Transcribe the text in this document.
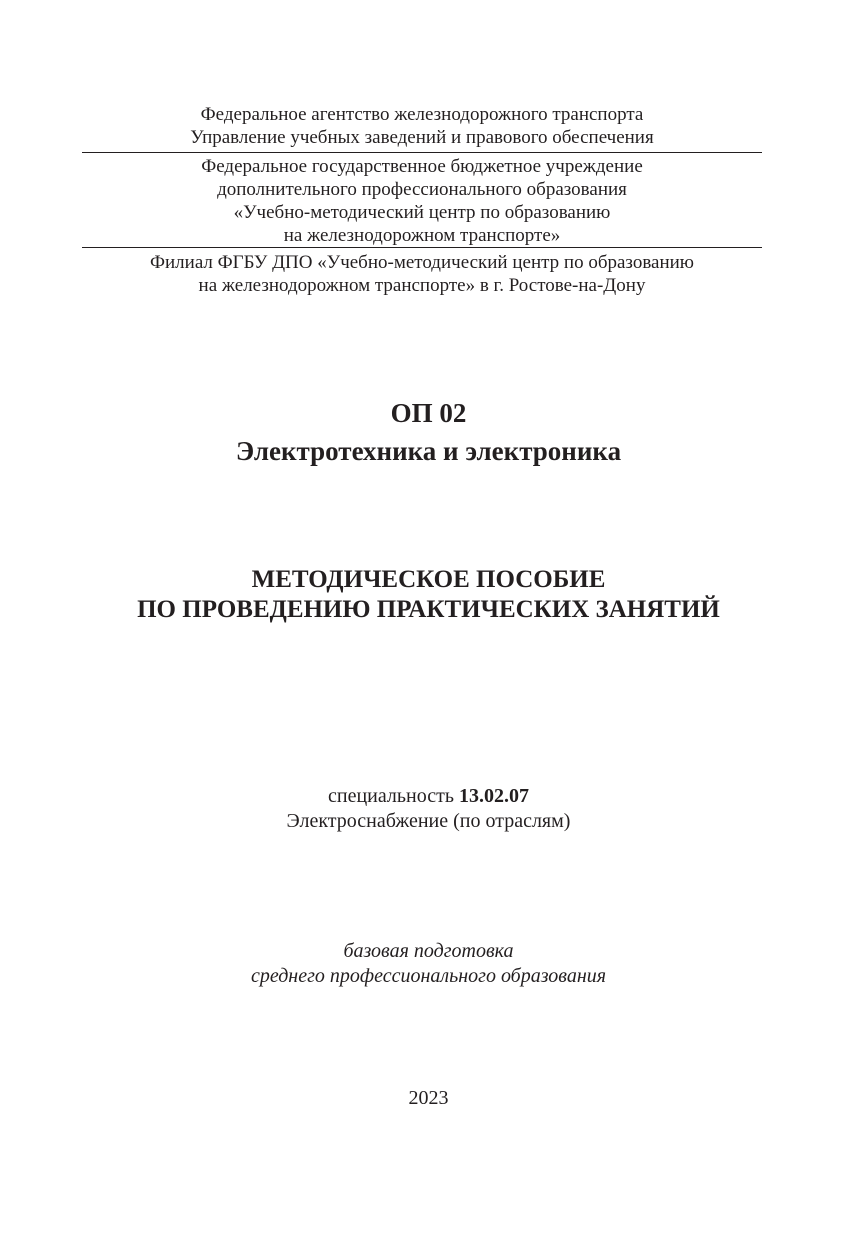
Федеральное агентство железнодорожного транспорта
Управление учебных заведений и правового обеспечения
Федеральное государственное бюджетное учреждение
дополнительного профессионального образования
«Учебно-методический центр по образованию
на железнодорожном транспорте»
Филиал ФГБУ ДПО «Учебно-методический центр по образованию
на железнодорожном транспорте» в г. Ростове-на-Дону
ОП 02
Электротехника и электроника
МЕТОДИЧЕСКОЕ ПОСОБИЕ
ПО ПРОВЕДЕНИЮ ПРАКТИЧЕСКИХ ЗАНЯТИЙ
специальность 13.02.07
Электроснабжение (по отраслям)
базовая подготовка
среднего профессионального образования
2023
